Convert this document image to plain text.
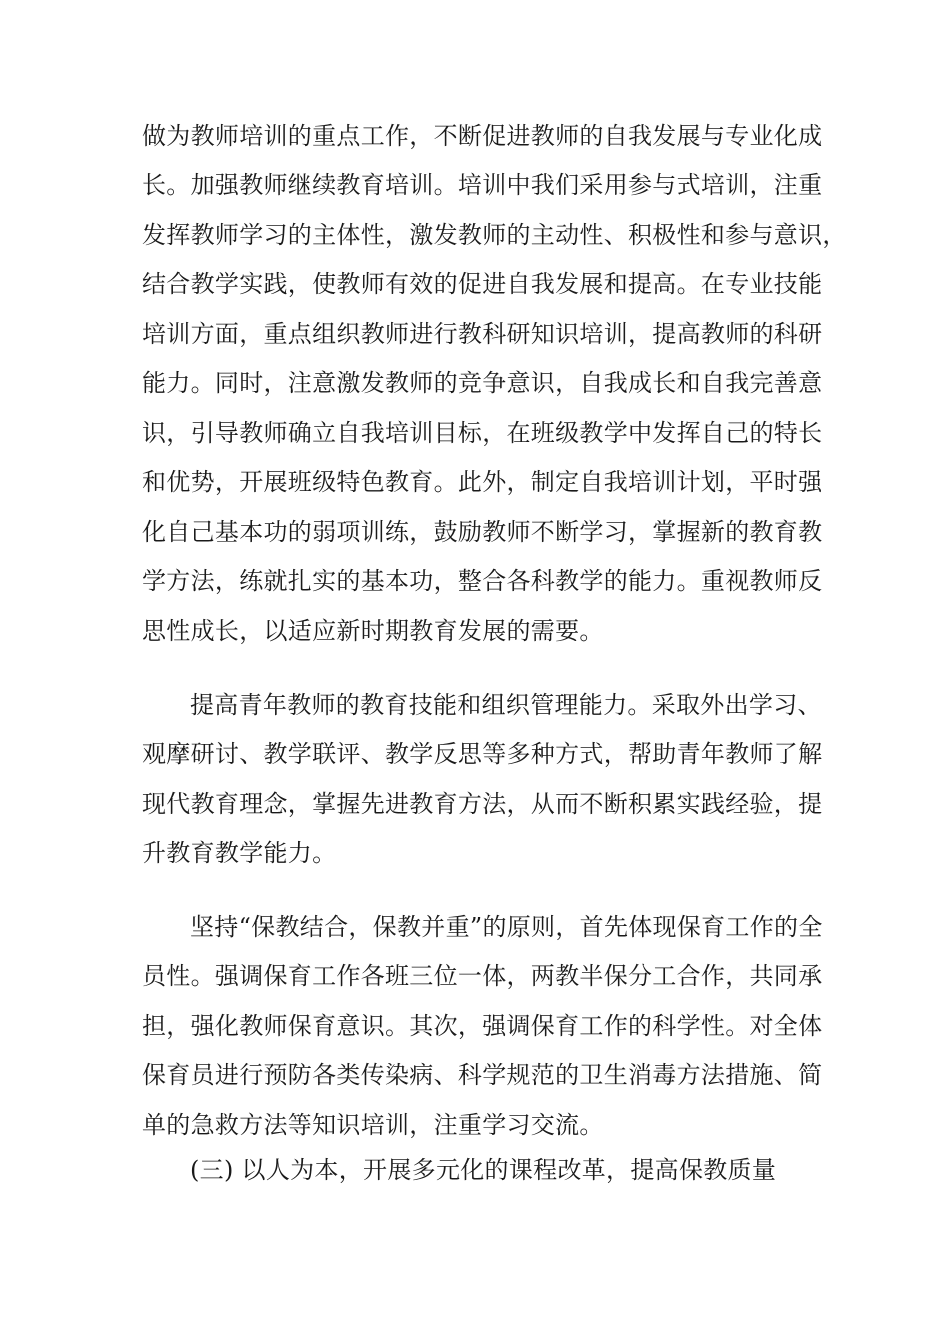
做为教师培训的重点工作，不断促进教师的自我发展与专业化成
长。加强教师继续教育培训。培训中我们采用参与式培训，注重
发挥教师学习的主体性，激发教师的主动性、积极性和参与意识，
结合教学实践，使教师有效的促进自我发展和提高。在专业技能
培训方面，重点组织教师进行教科研知识培训，提高教师的科研
能力。同时，注意激发教师的竞争意识，自我成长和自我完善意
识，引导教师确立自我培训目标，在班级教学中发挥自己的特长
和优势，开展班级特色教育。此外，制定自我培训计划，平时强
化自己基本功的弱项训练，鼓励教师不断学习，掌握新的教育教
学方法，练就扎实的基本功，整合各科教学的能力。重视教师反
思性成长，以适应新时期教育发展的需要。
提高青年教师的教育技能和组织管理能力。采取外出学习、
观摩研讨、教学联评、教学反思等多种方式，帮助青年教师了解
现代教育理念，掌握先进教育方法，从而不断积累实践经验，提
升教育教学能力。
坚持“保教结合，保教并重”的原则，首先体现保育工作的全
员性。强调保育工作各班三位一体，两教半保分工合作，共同承
担，强化教师保育意识。其次，强调保育工作的科学性。对全体
保育员进行预防各类传染病、科学规范的卫生消毒方法措施、简
单的急救方法等知识培训，注重学习交流。
(三) 以人为本，开展多元化的课程改革，提高保教质量
